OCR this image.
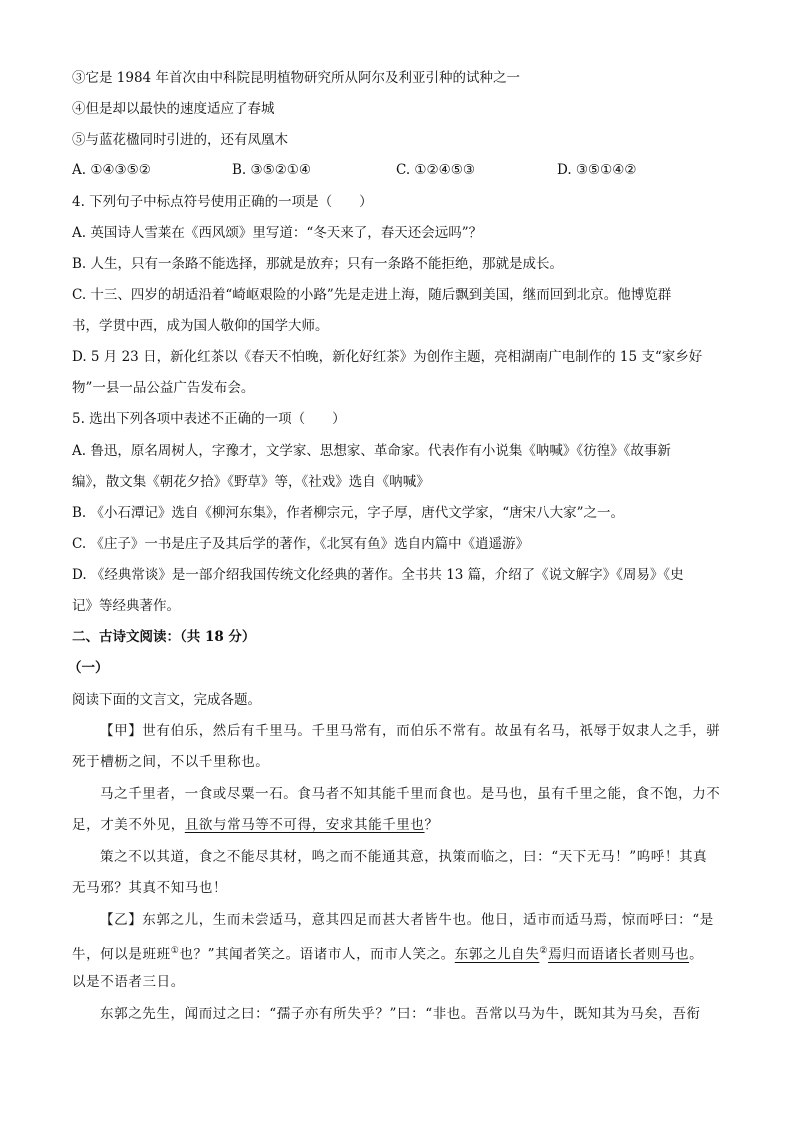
③它是 1984 年首次由中科院昆明植物研究所从阿尔及利亚引种的试种之一
④但是却以最快的速度适应了春城
⑤与蓝花楹同时引进的，还有凤凰木
A. ①④③⑤②	B. ③⑤②①④	C. ①②④⑤③	D. ③⑤①④②
4. 下列句子中标点符号使用正确的一项是（　　）
A. 英国诗人雪莱在《西风颂》里写道：“冬天来了，春天还会远吗”？
B. 人生，只有一条路不能选择，那就是放弃；只有一条路不能拒绝，那就是成长。
C. 十三、四岁的胡适沿着“崎岖艰险的小路”先是走进上海，随后飘到美国，继而回到北京。他博览群
书，学贯中西，成为国人敬仰的国学大师。
D. 5 月 23 日，新化红茶以《春天不怕晚，新化好红茶》为创作主题，亮相湖南广电制作的 15 支“家乡好
物”一县一品公益广告发布会。
5. 选出下列各项中表述不正确的一项（　　）
A. 鲁迅，原名周树人，字豫才，文学家、思想家、革命家。代表作有小说集《呐喊》《彷徨》《故事新
编》，散文集《朝花夕拾》《野草》等，《社戏》选自《呐喊》
B. 《小石潭记》选自《柳河东集》，作者柳宗元，字子厚，唐代文学家，“唐宋八大家”之一。
C. 《庄子》一书是庄子及其后学的著作，《北冥有鱼》选自内篇中《逍遥游》
D. 《经典常谈》是一部介绍我国传统文化经典的著作。全书共 13 篇，介绍了《说文解字》《周易》《史
记》等经典著作。
二、古诗文阅读：（共 18 分）
（一）
阅读下面的文言文，完成各题。
【甲】世有伯乐，然后有千里马。千里马常有，而伯乐不常有。故虽有名马，祇辱于奴隶人之手，骈
死于槽枥之间，不以千里称也。
马之千里者，一食或尽粟一石。食马者不知其能千里而食也。是马也，虽有千里之能，食不饱，力不
足，才美不外见，且欲与常马等不可得，安求其能千里也？
策之不以其道，食之不能尽其材，鸣之而不能通其意，执策而临之，曰：“天下无马！”呜呼！其真
无马邪？其真不知马也！
【乙】东郭之儿，生而未尝适马，意其四足而甚大者皆牛也。他日，适市而适马焉，惊而呼曰：“是
牛，何以是班班①也？”其闻者笑之。语诸市人，而市人笑之。东郭之儿自失②焉归而语诸长者则马也。
以是不语者三日。
东郭之先生，闻而过之曰：“孺子亦有所失乎？”曰：“非也。吾常以马为牛，既知其为马矣，吾衔
